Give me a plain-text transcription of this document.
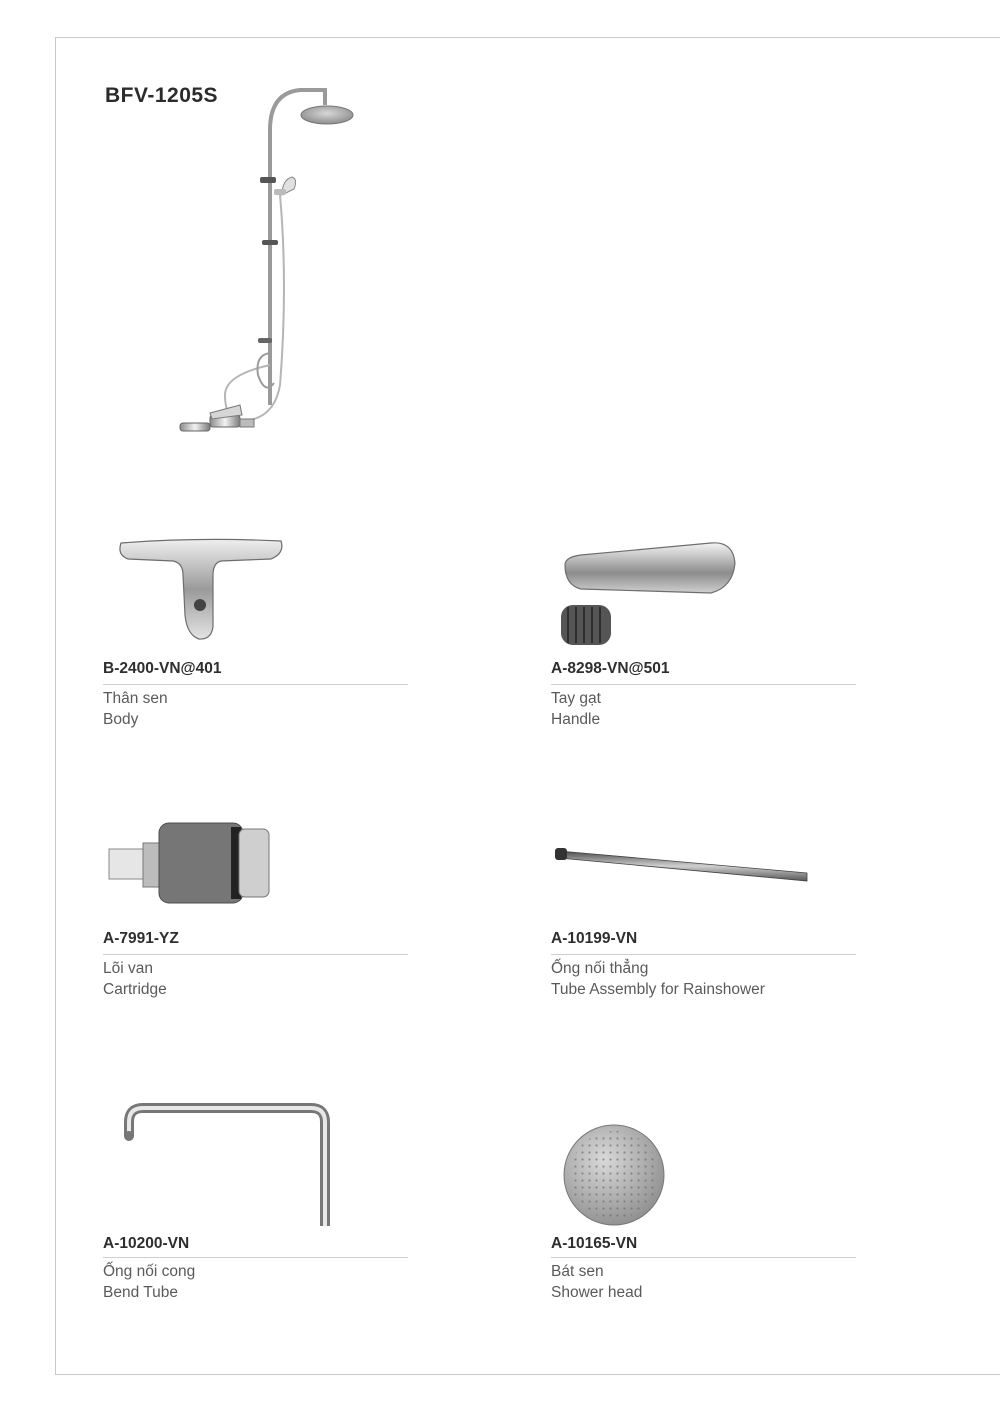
BFV-1205S
B-2400-VN@401
Thân sen
Body
A-8298-VN@501
Tay gạt
Handle
A-7991-YZ
Lõi van
Cartridge
A-10199-VN
Ống nối thẳng
Tube Assembly for Rainshower
A-10200-VN
Ống nối cong
Bend Tube
A-10165-VN
Bát sen
Shower head
